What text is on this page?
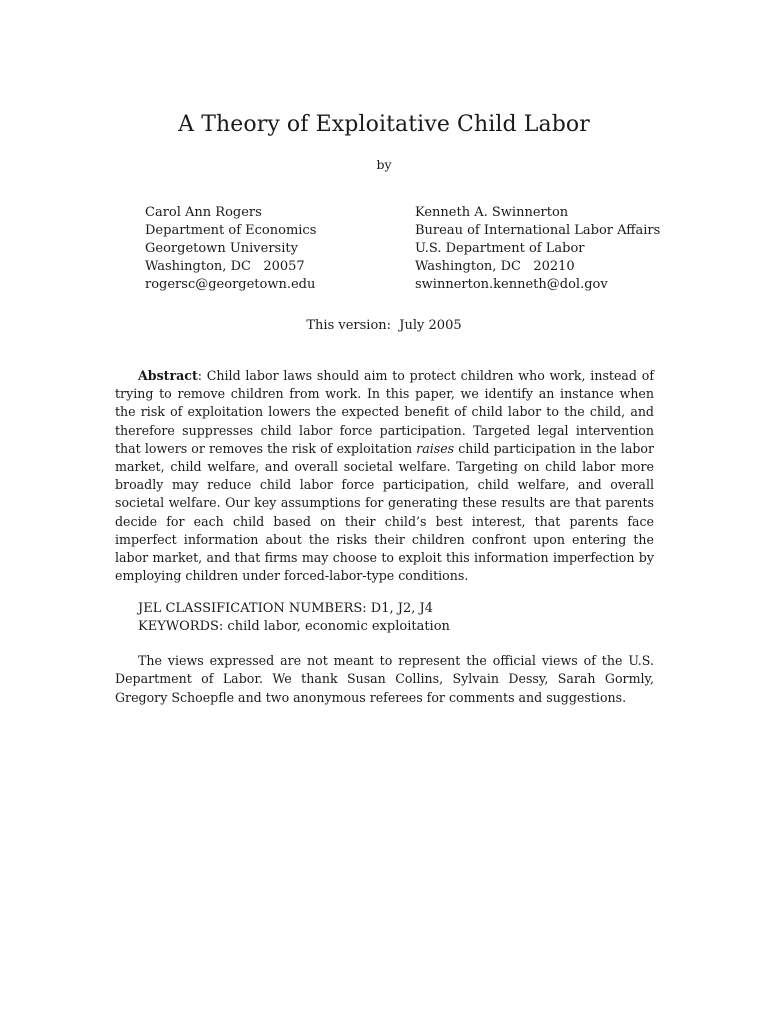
A Theory of Exploitative Child Labor
by
Carol Ann Rogers
Department of Economics
Georgetown University
Washington, DC   20057
rogersc@georgetown.edu
Kenneth A. Swinnerton
Bureau of International Labor Affairs
U.S. Department of Labor
Washington, DC   20210
swinnerton.kenneth@dol.gov
This version:  July 2005

Abstract: Child labor laws should aim to protect children who work, instead of trying to remove children from work. In this paper, we identify an instance when the risk of exploitation lowers the expected benefit of child labor to the child, and therefore suppresses child labor force participation. Targeted legal intervention that lowers or removes the risk of exploitation raises child participation in the labor market, child welfare, and overall societal welfare. Targeting on child labor more broadly may reduce child labor force participation, child welfare, and overall societal welfare. Our key assumptions for generating these results are that parents decide for each child based on their child’s best interest, that parents face imperfect information about the risks their children confront upon entering the labor market, and that firms may choose to exploit this information imperfection by employing children under forced-labor-type conditions.

JEL CLASSIFICATION NUMBERS: D1, J2, J4
KEYWORDS: child labor, economic exploitation

The views expressed are not meant to represent the official views of the U.S. Department of Labor. We thank Susan Collins, Sylvain Dessy, Sarah Gormly, Gregory Schoepfle and two anonymous referees for comments and suggestions.
